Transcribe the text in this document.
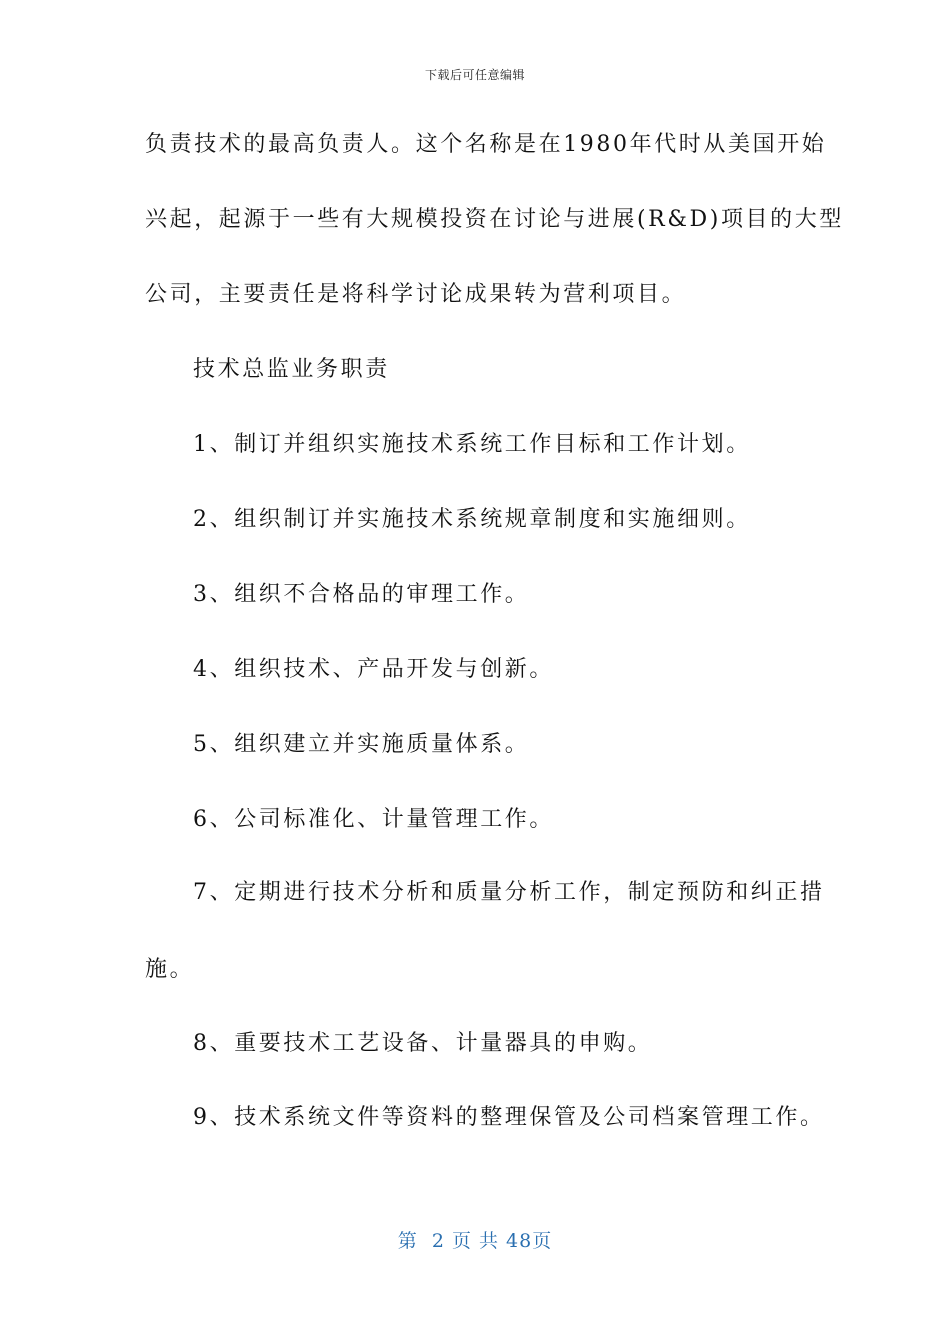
下载后可任意编辑
负责技术的最高负责人。这个名称是在1980年代时从美国开始
兴起，起源于一些有大规模投资在讨论与进展(R&D)项目的大型
公司，主要责任是将科学讨论成果转为营利项目。
技术总监业务职责
1、制订并组织实施技术系统工作目标和工作计划。
2、组织制订并实施技术系统规章制度和实施细则。
3、组织不合格品的审理工作。
4、组织技术、产品开发与创新。
5、组织建立并实施质量体系。
6、公司标准化、计量管理工作。
7、定期进行技术分析和质量分析工作，制定预防和纠正措
施。
8、重要技术工艺设备、计量器具的申购。
9、技术系统文件等资料的整理保管及公司档案管理工作。
第  2 页 共 48页
